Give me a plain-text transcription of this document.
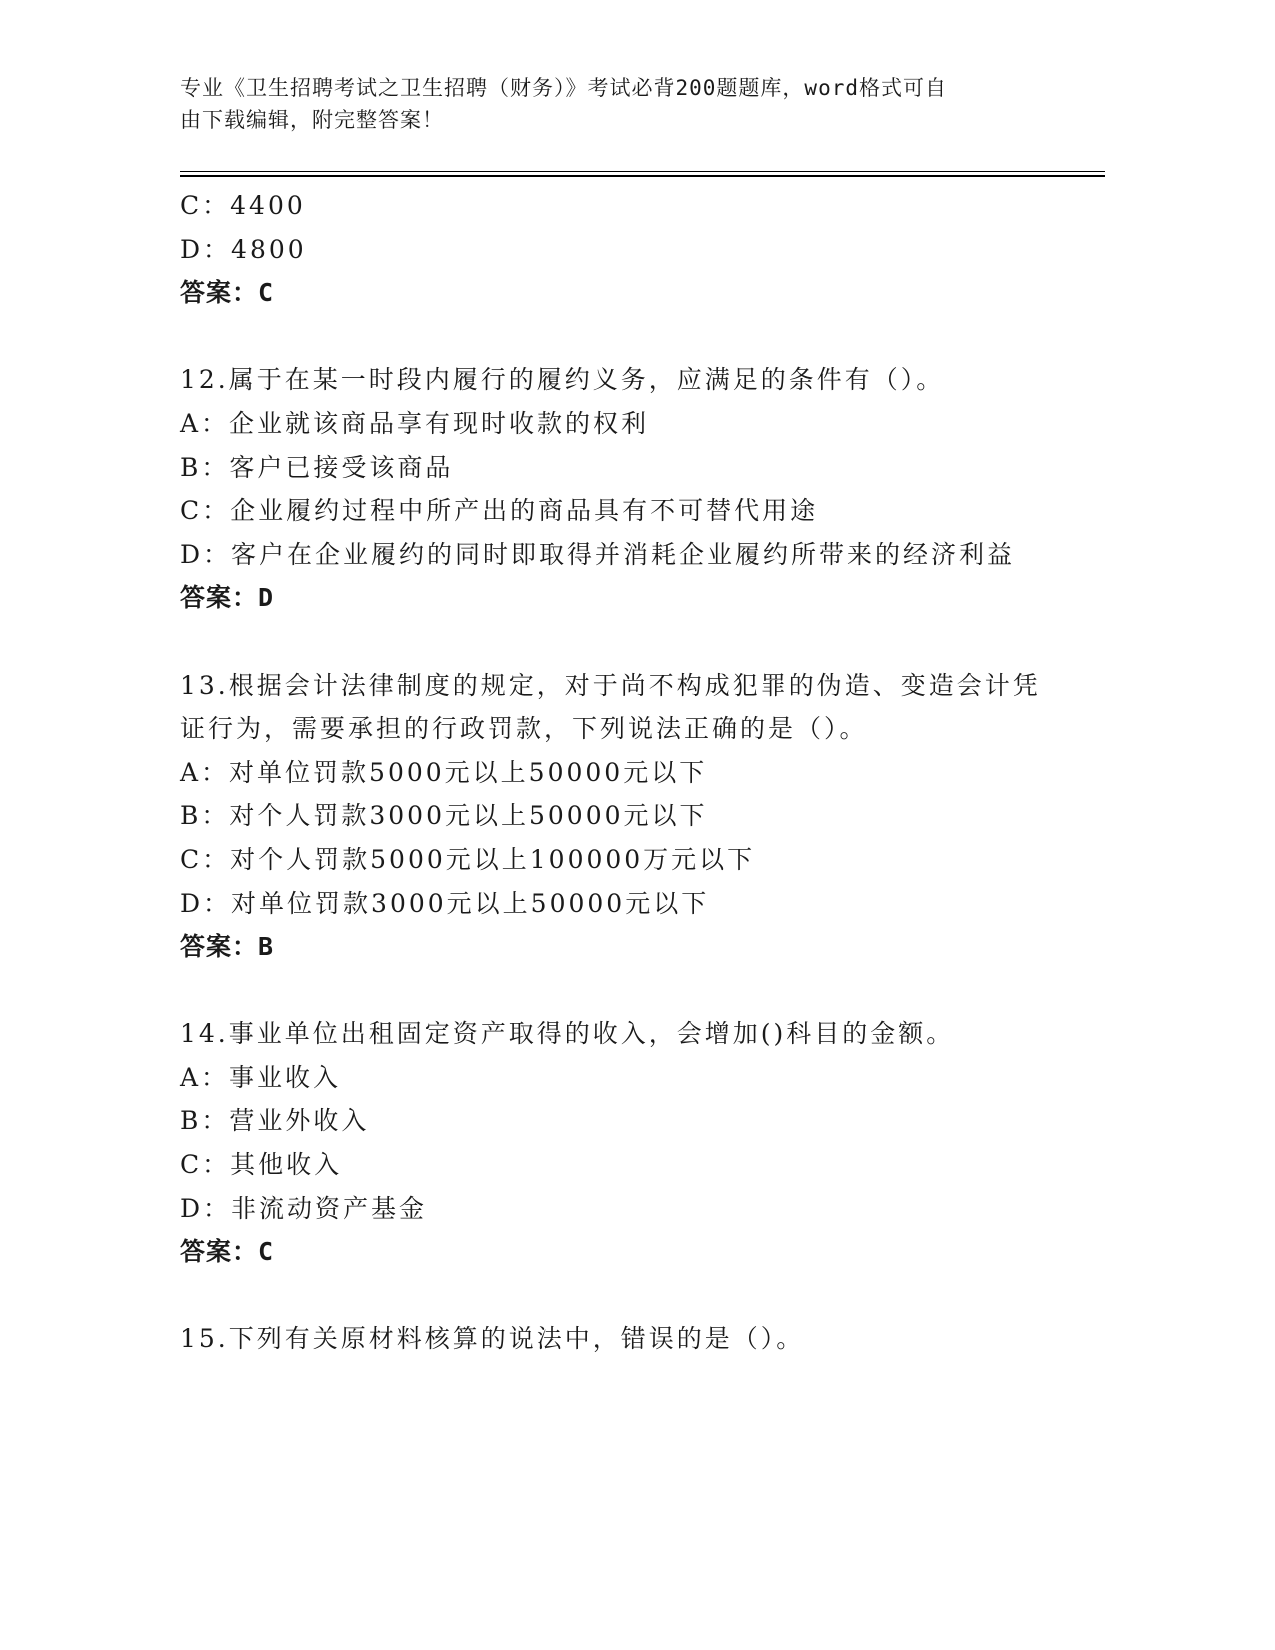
专业《卫生招聘考试之卫生招聘（财务）》考试必背200题题库，word格式可自
由下载编辑，附完整答案！
C：4400
D：4800
答案：C
12.属于在某一时段内履行的履约义务，应满足的条件有（）。
A：企业就该商品享有现时收款的权利
B：客户已接受该商品
C：企业履约过程中所产出的商品具有不可替代用途
D：客户在企业履约的同时即取得并消耗企业履约所带来的经济利益
答案：D
13.根据会计法律制度的规定，对于尚不构成犯罪的伪造、变造会计凭
证行为，需要承担的行政罚款，下列说法正确的是（）。
A：对单位罚款5000元以上50000元以下
B：对个人罚款3000元以上50000元以下
C：对个人罚款5000元以上100000万元以下
D：对单位罚款3000元以上50000元以下
答案：B
14.事业单位出租固定资产取得的收入，会增加()科目的金额。
A：事业收入
B：营业外收入
C：其他收入
D：非流动资产基金
答案：C
15.下列有关原材料核算的说法中，错误的是（）。
